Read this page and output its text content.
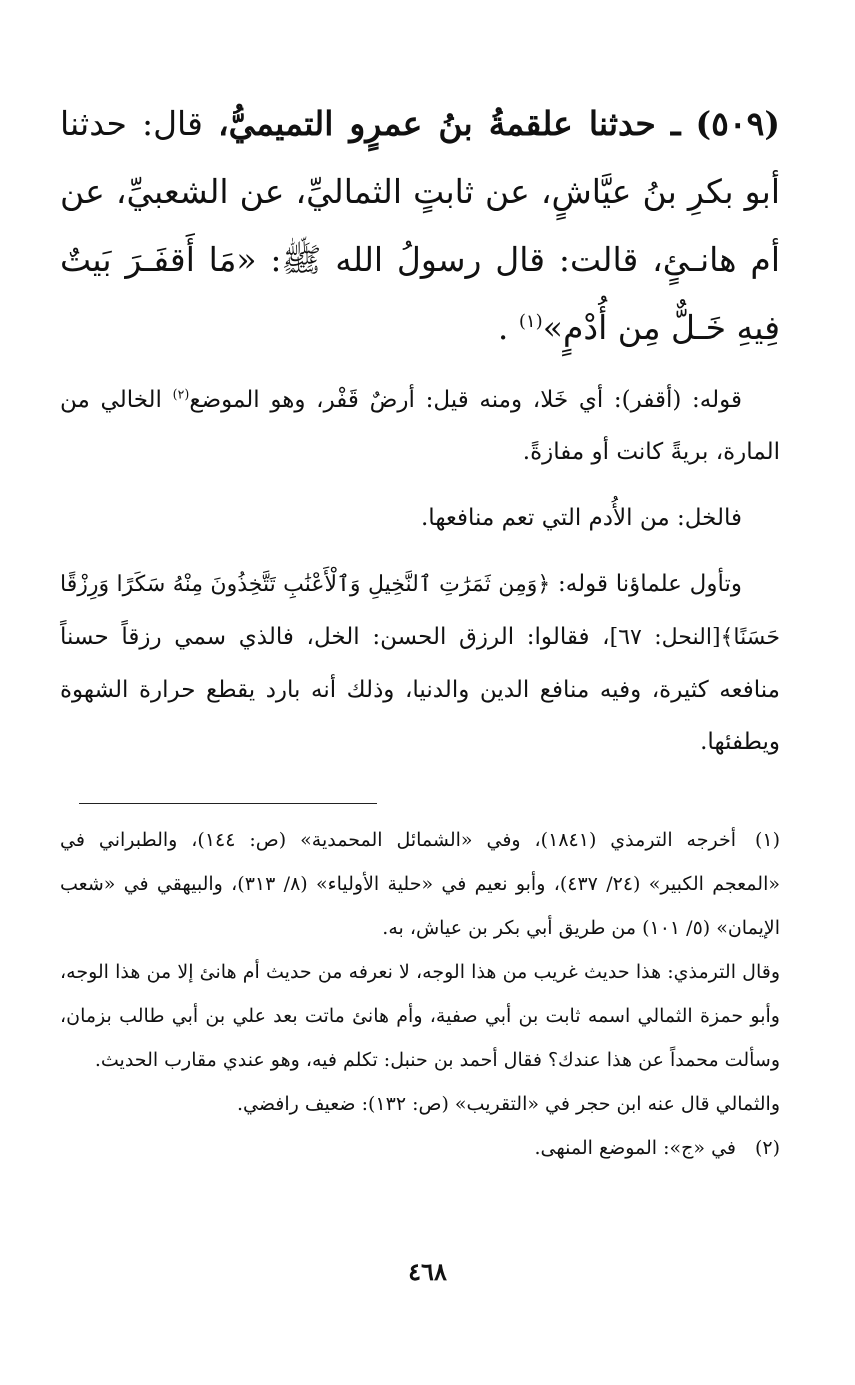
(٥٠٩) ـ حدثنا علقمةُ بنُ عمرٍو التميميُّ، قال: حدثنا أبو بكرِ بنُ عيَّاشٍ، عن ثابتٍ الثماليِّ، عن الشعبيِّ، عن أم هانـئٍ، قالت: قال رسولُ الله ﷺ: «مَا أَقفَـرَ بَيتٌ فِيهِ خَـلٌّ مِن أُدْمٍ»$^{(١)}$ .

قوله: (أقفر): أي خَلا، ومنه قيل: أرضٌ قَفْر، وهو الموضع$^{(٢)}$ الخالي من المارة، بريةً كانت أو مفازةً.

فالخل: من الأُدم التي تعم منافعها.

وتأول علماؤنا قوله: ﴿وَمِن ثَمَرَٰتِ ٱلنَّخِيلِ وَٱلْأَعْنَٰبِ تَتَّخِذُونَ مِنْهُ سَكَرًا وَرِزْقًا حَسَنًا﴾[النحل: ٦٧]، فقالوا: الرزق الحسن: الخل، فالذي سمي رزقاً حسناً منافعه كثيرة، وفيه منافع الدين والدنيا، وذلك أنه بارد يقطع حرارة الشهوة ويطفئها.

(١)أخرجه الترمذي (١٨٤١)، وفي «الشمائل المحمدية» (ص: ١٤٤)، والطبراني في «المعجم الكبير» (٢٤/ ٤٣٧)، وأبو نعيم في «حلية الأولياء» (٨/ ٣١٣)، والبيهقي في «شعب الإيمان» (٥/ ١٠١) من طريق أبي بكر بن عياش، به.

وقال الترمذي: هذا حديث غريب من هذا الوجه، لا نعرفه من حديث أم هانئ إلا من هذا الوجه، وأبو حمزة الثمالي اسمه ثابت بن أبي صفية، وأم هانئ ماتت بعد علي بن أبي طالب بزمان، وسألت محمداً عن هذا عندك؟ فقال أحمد بن حنبل: تكلم فيه، وهو عندي مقارب الحديث.

والثمالي قال عنه ابن حجر في «التقريب» (ص: ١٣٢): ضعيف رافضي.

(٢)في «ج»: الموضع المنهى.

٤٦٨
